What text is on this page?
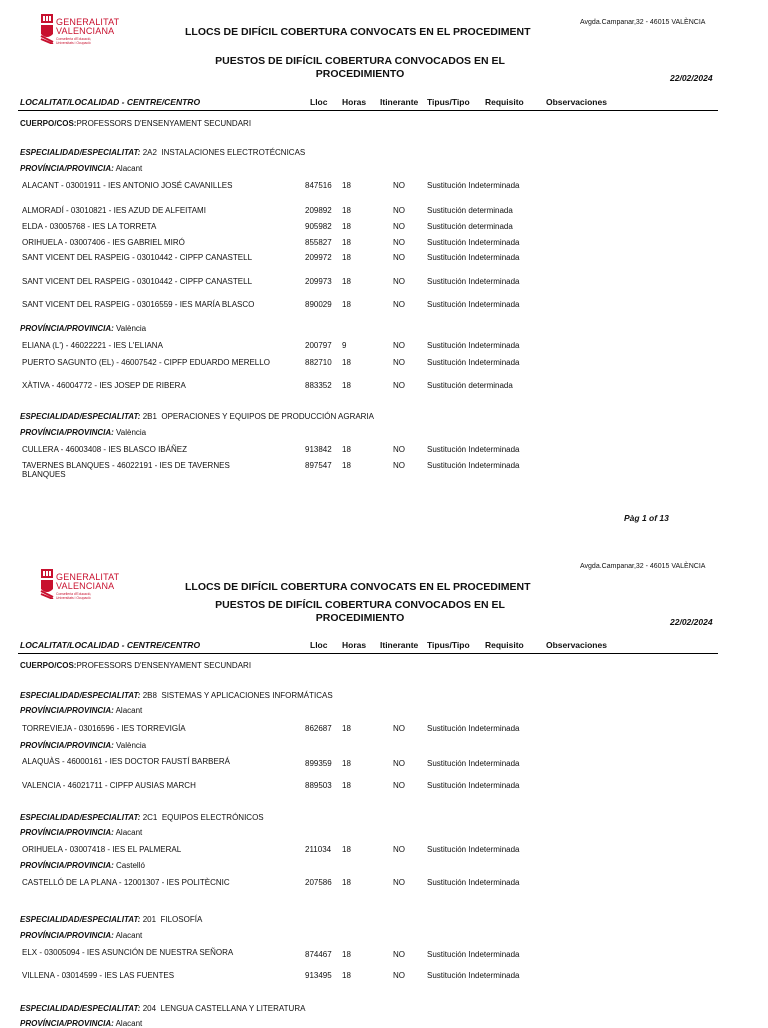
GENERALITAT
VALENCIANA
Conselleria d'Educació,
Universitats i Ocupació
LLOCS DE DIFÍCIL COBERTURA CONVOCATS EN EL PROCEDIMENT
Avgda.Campanar,32 - 46015 VALÈNCIA
PUESTOS DE DIFÍCIL COBERTURA CONVOCADOS EN EL
PROCEDIMIENTO	22/02/2024
LOCALITAT/LOCALIDAD - CENTRE/CENTRO	Lloc Horas Itinerante Tipus/Tipo Requisito	Observaciones
CUERPO/COS:PROFESSORS D'ENSENYAMENT SECUNDARI
ESPECIALIDAD/ESPECIALITAT: 2A2 INSTALACIONES ELECTROTÉCNICAS
PROVÍNCIA/PROVINCIA: Alacant
ALACANT - 03001911 - IES ANTONIO JOSÉ CAVANILLES	847516 18	NO	Sustitución Indeterminada
ALMORADÍ - 03010821 - IES AZUD DE ALFEITAMI	209892 18	NO	Sustitución determinada
ELDA - 03005768 - IES LA TORRETA	905982 18	NO	Sustitución determinada
ORIHUELA - 03007406 - IES GABRIEL MIRÓ	855827 18	NO	Sustitución Indeterminada
SANT VICENT DEL RASPEIG - 03010442 - CIPFP CANASTELL	209972 18	NO	Sustitución Indeterminada
SANT VICENT DEL RASPEIG - 03010442 - CIPFP CANASTELL	209973 18	NO	Sustitución Indeterminada
SANT VICENT DEL RASPEIG - 03016559 - IES MARÍA BLASCO	890029 18	NO	Sustitución Indeterminada
PROVÍNCIA/PROVINCIA: València
ELIANA (L') - 46022221 - IES L'ELIANA	200797 9	NO	Sustitución Indeterminada
PUERTO SAGUNTO (EL) - 46007542 - CIPFP EDUARDO MERELLO	882710 18	NO	Sustitución Indeterminada
XÀTIVA - 46004772 - IES JOSEP DE RIBERA	883352 18	NO	Sustitución determinada
ESPECIALIDAD/ESPECIALITAT: 2B1 OPERACIONES Y EQUIPOS DE PRODUCCIÓN AGRARIA
PROVÍNCIA/PROVINCIA: València
CULLERA - 46003408 - IES BLASCO IBÁÑEZ	913842 18	NO	Sustitución Indeterminada
TAVERNES BLANQUES - 46022191 - IES DE TAVERNES BLANQUES
897547 18	NO	Sustitución Indeterminada
Pàg 1 of 13
GENERALITAT
VALENCIANA
Conselleria d'Educació,
Universitats i Ocupació
LLOCS DE DIFÍCIL COBERTURA CONVOCATS EN EL PROCEDIMENT
Avgda.Campanar,32 - 46015 VALÈNCIA
PUESTOS DE DIFÍCIL COBERTURA CONVOCADOS EN EL
PROCEDIMIENTO	22/02/2024
LOCALITAT/LOCALIDAD - CENTRE/CENTRO	Lloc Horas Itinerante Tipus/Tipo Requisito	Observaciones
CUERPO/COS:PROFESSORS D'ENSENYAMENT SECUNDARI
ESPECIALIDAD/ESPECIALITAT: 2B8 SISTEMAS Y APLICACIONES INFORMÁTICAS
PROVÍNCIA/PROVINCIA: Alacant
TORREVIEJA - 03016596 - IES TORREVIGÍA	862687 18	NO	Sustitución Indeterminada
PROVÍNCIA/PROVINCIA: València
ALAQUÀS - 46000161 - IES DOCTOR FAUSTÍ BARBERÁ	899359 18	NO	Sustitución Indeterminada
VALENCIA - 46021711 - CIPFP AUSIAS MARCH	889503 18	NO	Sustitución Indeterminada
ESPECIALIDAD/ESPECIALITAT: 2C1 EQUIPOS ELECTRÓNICOS
PROVÍNCIA/PROVINCIA: Alacant
ORIHUELA - 03007418 - IES EL PALMERAL	211034 18	NO	Sustitución Indeterminada
PROVÍNCIA/PROVINCIA: Castelló
CASTELLÓ DE LA PLANA - 12001307 - IES POLITÈCNIC	207586 18	NO	Sustitución Indeterminada
ESPECIALIDAD/ESPECIALITAT: 201 FILOSOFÍA
PROVÍNCIA/PROVINCIA: Alacant
ELX - 03005094 - IES ASUNCIÓN DE NUESTRA SEÑORA	874467 18	NO	Sustitución Indeterminada
VILLENA - 03014599 - IES LAS FUENTES	913495 18	NO	Sustitución Indeterminada
ESPECIALIDAD/ESPECIALITAT: 204 LENGUA CASTELLANA Y LITERATURA
PROVÍNCIA/PROVINCIA: Alacant
